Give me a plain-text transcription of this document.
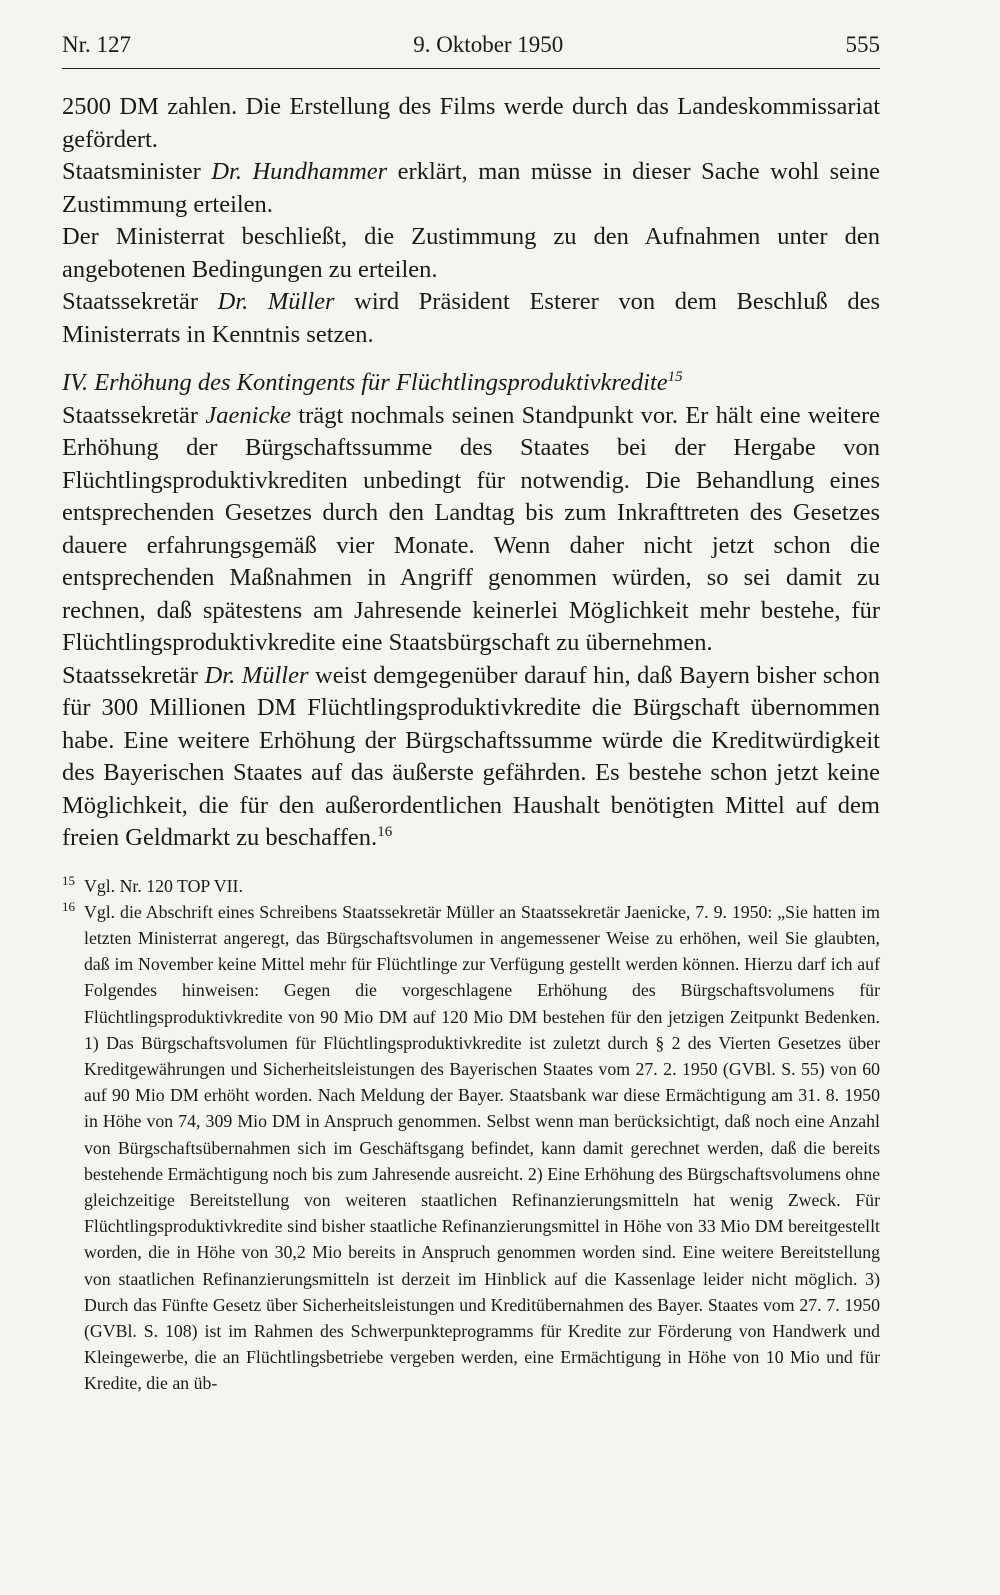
Nr. 127	9. Oktober 1950	555

2500 DM zahlen. Die Erstellung des Films werde durch das Landeskommissariat gefördert.

Staatsminister Dr. Hundhammer erklärt, man müsse in dieser Sache wohl seine Zustimmung erteilen.

Der Ministerrat beschließt, die Zustimmung zu den Aufnahmen unter den angebotenen Bedingungen zu erteilen.

Staatssekretär Dr. Müller wird Präsident Esterer von dem Beschluß des Ministerrats in Kenntnis setzen.

IV. Erhöhung des Kontingents für Flüchtlingsproduktivkredite$^{15}$

Staatssekretär Jaenicke trägt nochmals seinen Standpunkt vor. Er hält eine weitere Erhöhung der Bürgschaftssumme des Staates bei der Hergabe von Flüchtlingsproduktivkrediten unbedingt für notwendig. Die Behandlung eines entsprechenden Gesetzes durch den Landtag bis zum Inkrafttreten des Gesetzes dauere erfahrungsgemäß vier Monate. Wenn daher nicht jetzt schon die entsprechenden Maßnahmen in Angriff genommen würden, so sei damit zu rechnen, daß spätestens am Jahresende keinerlei Möglichkeit mehr bestehe, für Flüchtlingsproduktivkredite eine Staatsbürgschaft zu übernehmen.

Staatssekretär Dr. Müller weist demgegenüber darauf hin, daß Bayern bisher schon für 300 Millionen DM Flüchtlingsproduktivkredite die Bürgschaft übernommen habe. Eine weitere Erhöhung der Bürgschaftssumme würde die Kreditwürdigkeit des Bayerischen Staates auf das äußerste gefährden. Es bestehe schon jetzt keine Möglichkeit, die für den außerordentlichen Haushalt benötigten Mittel auf dem freien Geldmarkt zu beschaffen.$^{16}$

15 Vgl. Nr. 120 TOP VII.
16 Vgl. die Abschrift eines Schreibens Staatssekretär Müller an Staatssekretär Jaenicke, 7. 9. 1950: „Sie hatten im letzten Ministerrat angeregt, das Bürgschaftsvolumen in angemessener Weise zu erhöhen, weil Sie glaubten, daß im November keine Mittel mehr für Flüchtlinge zur Verfügung gestellt werden können. Hierzu darf ich auf Folgendes hinweisen: Gegen die vorgeschlagene Erhöhung des Bürgschaftsvolumens für Flüchtlingsproduktivkredite von 90 Mio DM auf 120 Mio DM bestehen für den jetzigen Zeitpunkt Bedenken. 1) Das Bürgschaftsvolumen für Flüchtlingsproduktivkredite ist zuletzt durch § 2 des Vierten Gesetzes über Kreditgewährungen und Sicherheitsleistungen des Bayerischen Staates vom 27. 2. 1950 (GVBl. S. 55) von 60 auf 90 Mio DM erhöht worden. Nach Meldung der Bayer. Staatsbank war diese Ermächtigung am 31. 8. 1950 in Höhe von 74, 309 Mio DM in Anspruch genommen. Selbst wenn man berücksichtigt, daß noch eine Anzahl von Bürgschaftsübernahmen sich im Geschäftsgang befindet, kann damit gerechnet werden, daß die bereits bestehende Ermächtigung noch bis zum Jahresende ausreicht. 2) Eine Erhöhung des Bürgschaftsvolumens ohne gleichzeitige Bereitstellung von weiteren staatlichen Refinanzierungsmitteln hat wenig Zweck. Für Flüchtlingsproduktivkredite sind bisher staatliche Refinanzierungsmittel in Höhe von 33 Mio DM bereitgestellt worden, die in Höhe von 30,2 Mio bereits in Anspruch genommen worden sind. Eine weitere Bereitstellung von staatlichen Refinanzierungsmitteln ist derzeit im Hinblick auf die Kassenlage leider nicht möglich. 3) Durch das Fünfte Gesetz über Sicherheitsleistungen und Kreditübernahmen des Bayer. Staates vom 27. 7. 1950 (GVBl. S. 108) ist im Rahmen des Schwerpunkteprogramms für Kredite zur Förderung von Handwerk und Kleingewerbe, die an Flüchtlingsbetriebe vergeben werden, eine Ermächtigung in Höhe von 10 Mio und für Kredite, die an üb-
